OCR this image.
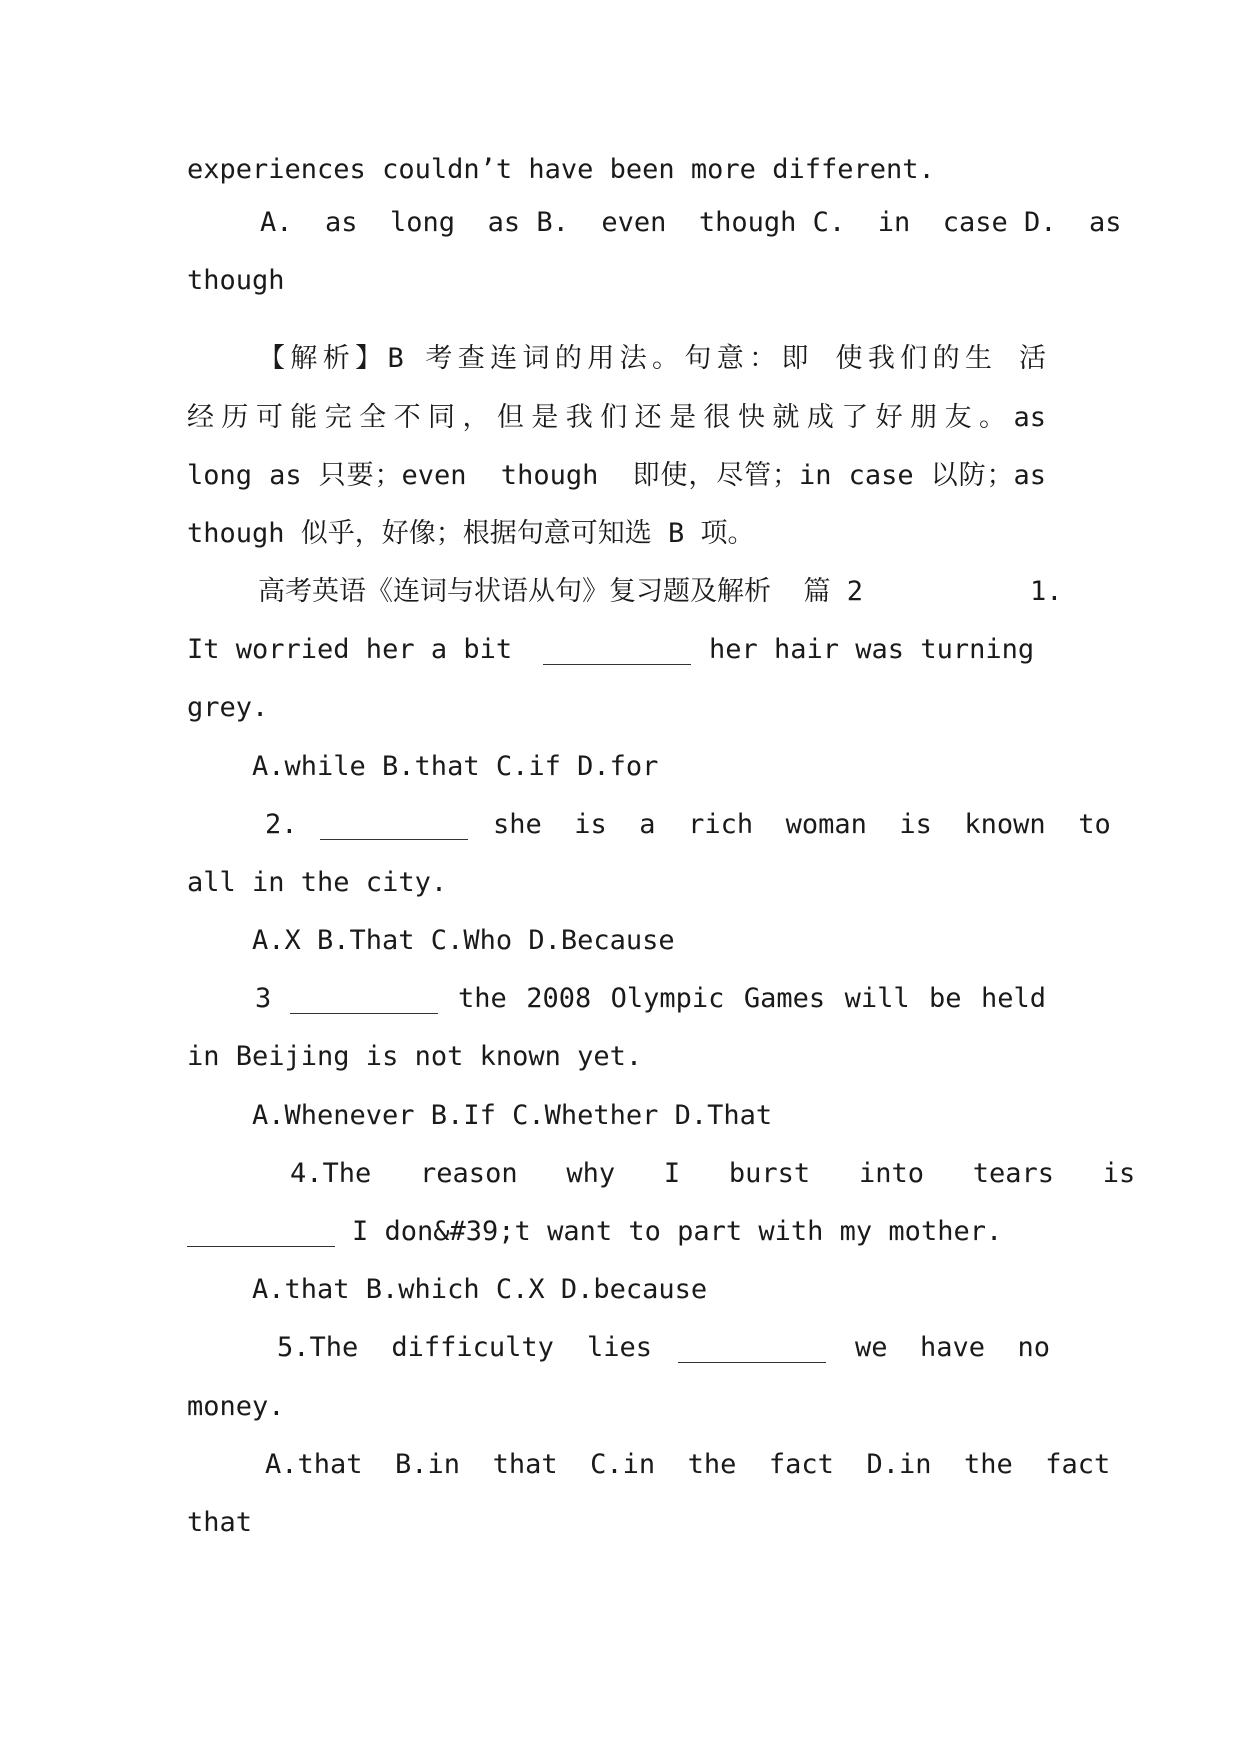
experiences couldn’t have been more different.
A.  as  long  as B.  even  though C.  in  case D.  as
though
【解析】B 考查连词的用法。句意：即 使我们的生 活
经历可能完全不同，但是我们还是很快就成了好朋友。as
long as 只要；even  though  即使，尽管；in case 以防；as
though 似乎，好像；根据句意可知选 B 项。
高考英语《连词与状语从句》复习题及解析  篇 2	1.
It worried her a bit	her hair was turning
grey.
A.while B.that C.if D.for
2.	she  is  a  rich  woman  is  known  to
all in the city.
A.X B.That C.Who D.Because
3	the 2008 Olympic Games will be held
in Beijing is not known yet.
A.Whenever B.If C.Whether D.That
4.The   reason   why   I   burst   into   tears   is
I don&#39;t want to part with my mother.
A.that B.which C.X D.because
5.The  difficulty  lies	we  have  no
money.
A.that  B.in  that  C.in  the  fact  D.in  the  fact
that
